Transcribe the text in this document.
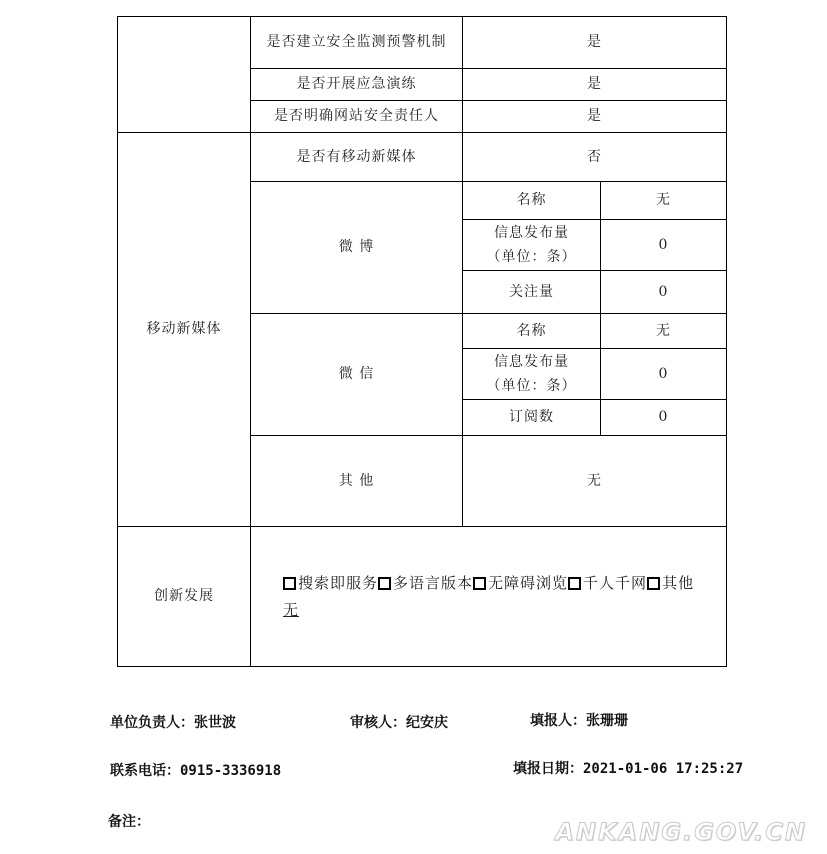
	是否建立安全监测预警机制	是	
	是否开展应急演练	是	
	是否明确网站安全责任人	是	
移动新媒体	是否有移动新媒体	否	
	微 博	名称	无

		信息发布量
（单位：条）	0
		关注量	0
	微 信	名称	无

		信息发布量
（单位：条）	0
		订阅数	0
	其 他	无	
创新发展	搜索即服务 多语言版本 无障碍浏览 千人千网 其他
无		
单位负责人：张世波	审核人：纪安庆	填报人：张珊珊
联系电话：0915-3336918	填报日期：2021-01-06 17:25:27
备注：	ANKANG.GOV.CN
